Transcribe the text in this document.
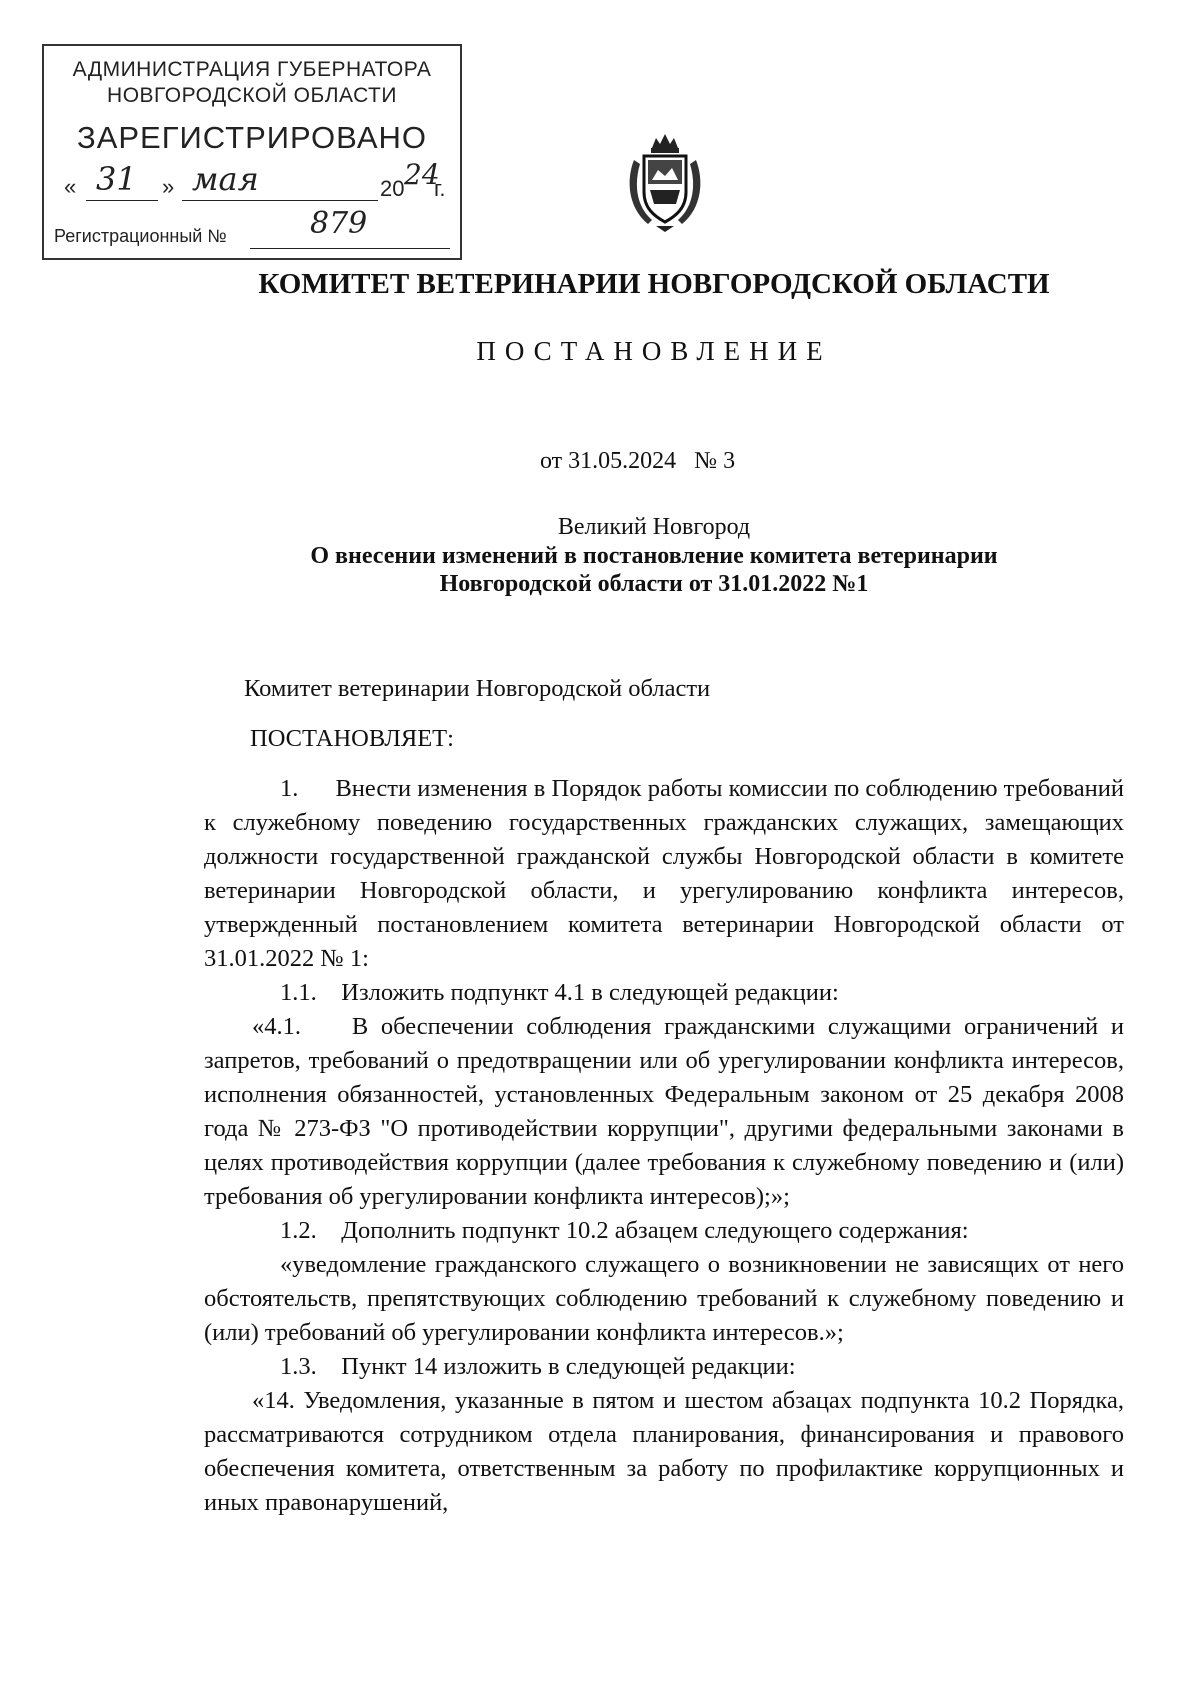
АДМИНИСТРАЦИЯ ГУБЕРНАТОРА
НОВГОРОДСКОЙ ОБЛАСТИ
ЗАРЕГИСТРИРОВАНО
« 31 » мая	20 24
г.
Регистрационный №	879
КОМИТЕТ ВЕТЕРИНАРИИ НОВГОРОДСКОЙ ОБЛАСТИ
ПОСТАНОВЛЕНИЕ
от 31.05.2024   № 3
Великий Новгород
О внесении изменений в постановление комитета ветеринарии
Новгородской области от 31.01.2022 №1
Комитет ветеринарии Новгородской области
ПОСТАНОВЛЯЕТ:

1.      Внести изменения в Порядок работы комиссии по соблюдению требований к служебному поведению государственных гражданских служащих, замещающих должности государственной гражданской службы Новгородской области в комитете ветеринарии Новгородской области, и урегулированию конфликта интересов, утвержденный постановлением комитета ветеринарии Новгородской области от 31.01.2022 № 1:

1.1.    Изложить подпункт 4.1 в следующей редакции:

«4.1.    В обеспечении соблюдения гражданскими служащими ограничений и запретов, требований о предотвращении или об урегулировании конфликта интересов, исполнения обязанностей, установленных Федеральным законом от 25 декабря 2008 года № 273-ФЗ "О противодействии коррупции", другими федеральными законами в целях противодействия коррупции (далее требования к служебному поведению и (или) требования об урегулировании конфликта интересов);»;

1.2.    Дополнить подпункт 10.2 абзацем следующего содержания:

«уведомление гражданского служащего о возникновении не зависящих от него обстоятельств, препятствующих соблюдению требований к служебному поведению и (или) требований об урегулировании конфликта интересов.»;

1.3.    Пункт 14 изложить в следующей редакции:

«14. Уведомления, указанные в пятом и шестом абзацах подпункта 10.2 Порядка, рассматриваются сотрудником отдела планирования, финансирования и правового обеспечения комитета, ответственным за работу по профилактике коррупционных и иных правонарушений,
